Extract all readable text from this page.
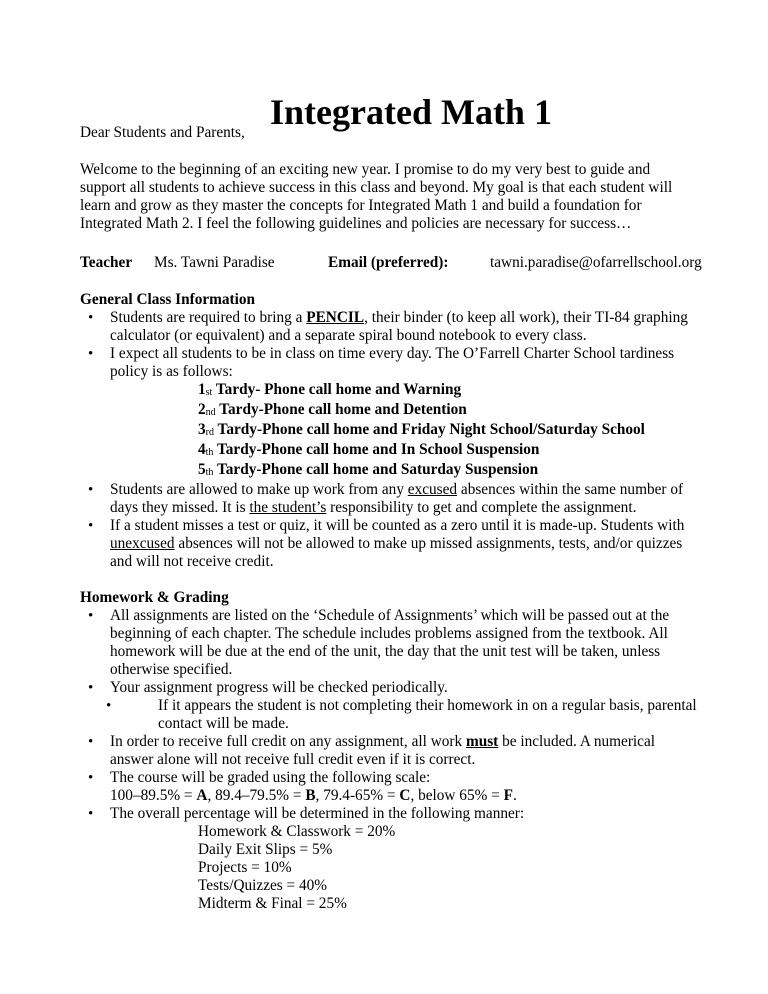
Integrated Math 1
Dear Students and Parents,

Welcome to the beginning of an exciting new year. I promise to do my very best to guide and support all students to achieve success in this class and beyond. My goal is that each student will learn and grow as they master the concepts for Integrated Math 1 and build a foundation for Integrated Math 2. I feel the following guidelines and policies are necessary for success…

Teacher Ms. Tawni Paradise	Email (preferred):	tawni.paradise@ofarrellschool.org
General Class Information
• Students are required to bring a PENCIL, their binder (to keep all work), their TI-84 graphing calculator (or equivalent) and a separate spiral bound notebook to every class.
• I expect all students to be in class on time every day. The O’Farrell Charter School tardiness policy is as follows:
1st Tardy- Phone call home and Warning
2nd Tardy-Phone call home and Detention
3rd Tardy-Phone call home and Friday Night School/Saturday School
4th Tardy-Phone call home and In School Suspension
5th Tardy-Phone call home and Saturday Suspension
• Students are allowed to make up work from any excused absences within the same number of days they missed. It is the student’s responsibility to get and complete the assignment.
• If a student misses a test or quiz, it will be counted as a zero until it is made-up. Students with unexcused absences will not be allowed to make up missed assignments, tests, and/or quizzes and will not receive credit.
Homework & Grading
• All assignments are listed on the ‘Schedule of Assignments’ which will be passed out at the beginning of each chapter. The schedule includes problems assigned from the textbook. All homework will be due at the end of the unit, the day that the unit test will be taken, unless otherwise specified.
• Your assignment progress will be checked periodically.
• If it appears the student is not completing their homework in on a regular basis, parental contact will be made.
• In order to receive full credit on any assignment, all work must be included. A numerical answer alone will not receive full credit even if it is correct.
• The course will be graded using the following scale:
100–89.5% = A, 89.4–79.5% = B, 79.4-65% = C, below 65% = F.
• The overall percentage will be determined in the following manner:
Homework & Classwork = 20%
Daily Exit Slips = 5%
Projects = 10%
Tests/Quizzes = 40%
Midterm & Final = 25%
